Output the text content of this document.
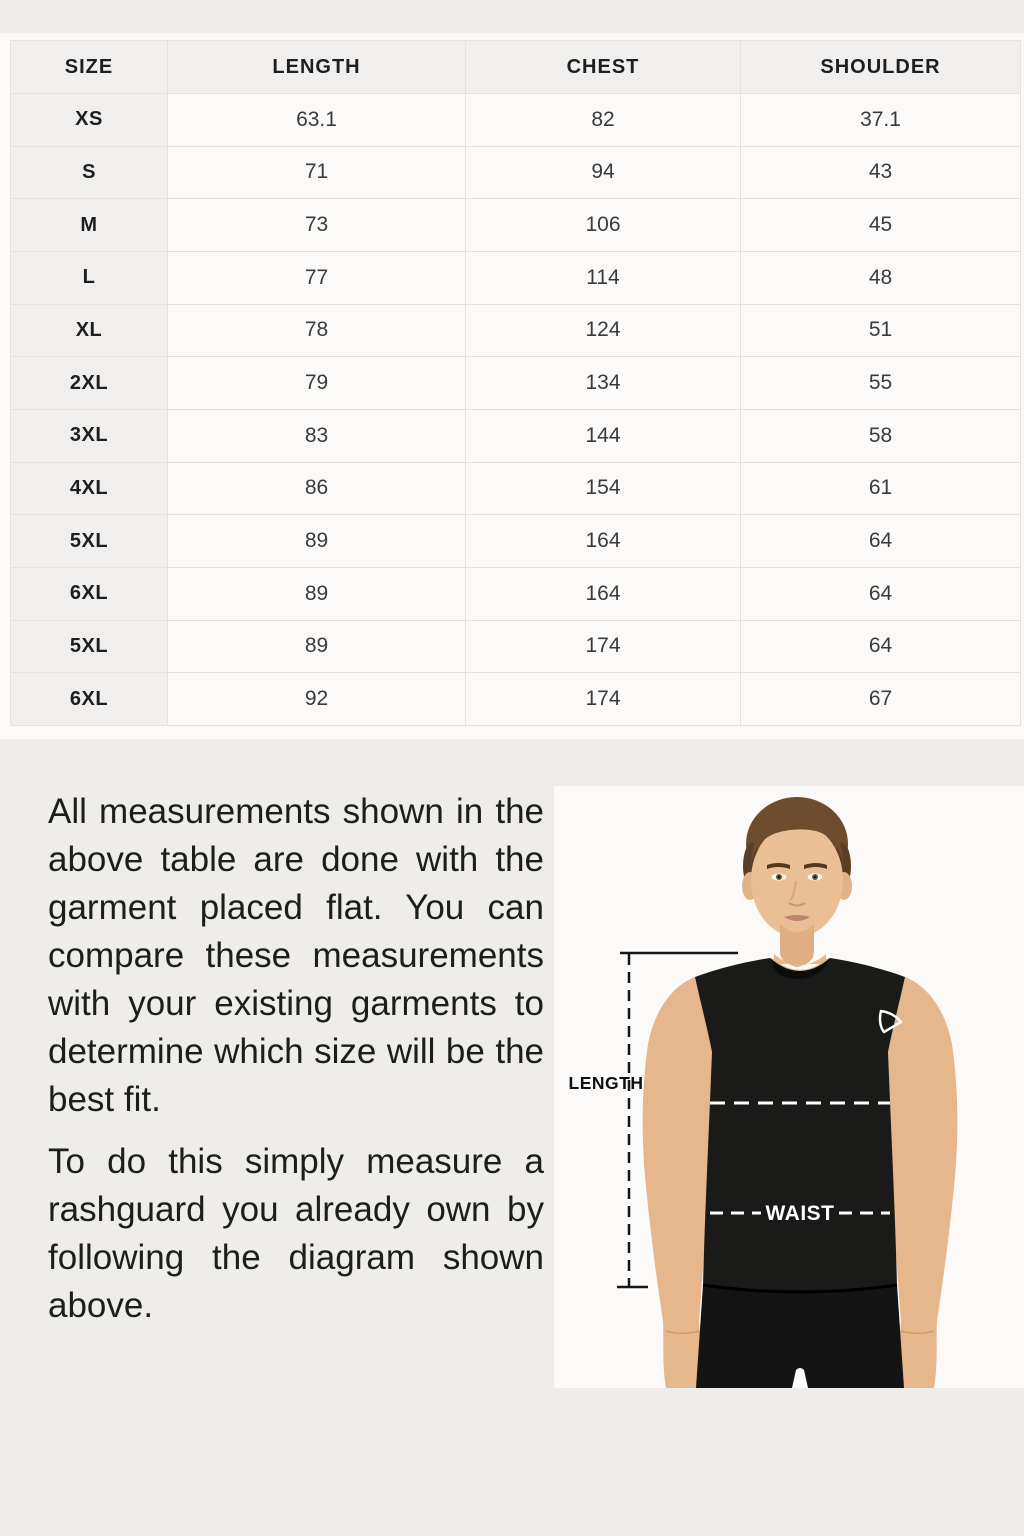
SIZE	LENGTH	CHEST	SHOULDER
XS	63.1	82	37.1
S	71	94	43
M	73	106	45
L	77	114	48
XL	78	124	51
2XL	79	134	55
3XL	83	144	58
4XL	86	154	61
5XL	89	164	64
6XL	89	164	64
5XL	89	174	64
6XL	92	174	67

All measurements shown in the above table are done with the garment placed flat. You can compare these measurements with your existing garments to determine which size will be the best fit.

To do this simply measure a rashguard you already own by following the diagram shown above.

LENGTH
WAIST
